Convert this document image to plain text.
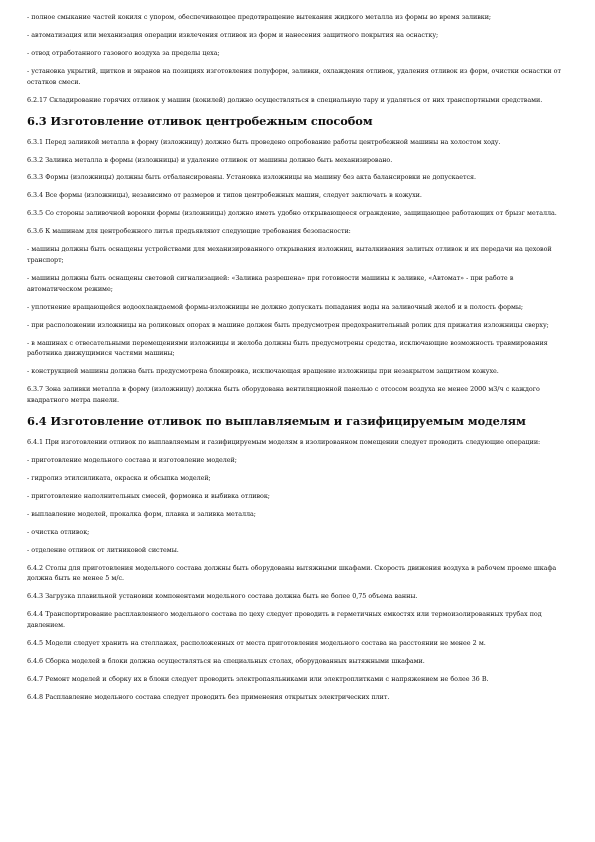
- полное смыкание частей кокиля с упором, обеспечивающее предотвращение вытекания жидкого металла из формы во время заливки;
- автоматизация или механизация операции извлечения отливок из форм и нанесения защитного покрытия на оснастку;
- отвод отработанного газового воздуха за пределы цеха;
- установка укрытий, щитков и экранов на позициях изготовления полуформ, заливки, охлаждения отливок, удаления отливок из форм, очистки оснастки от остатков смеси.
6.2.17 Складирование горячих отливок у машин (кокилей) должно осуществляться в специальную тару и удаляться от них транспортными средствами.
6.3 Изготовление отливок центробежным способом
6.3.1 Перед заливкой металла в форму (изложницу) должно быть проведено опробование работы центробежной машины на холостом ходу.
6.3.2 Заливка металла в формы (изложницы) и удаление отливок от машины должно быть механизировано.
6.3.3 Формы (изложницы) должны быть отбалансированы. Установка изложницы на машину без акта балансировки не допускается.
6.3.4 Все формы (изложницы), независимо от размеров и типов центробежных машин, следует заключать в кожухи.
6.3.5 Со стороны заливочной воронки формы (изложницы) должно иметь удобно открывающееся ограждение, защищающее работающих от брызг металла.
6.3.6 К машинам для центробежного литья предъявляют следующие требования безопасности:
- машины должны быть оснащены устройствами для механизированного открывания изложниц, выталкивания залитых отливок и их передачи на цеховой транспорт;
- машины должны быть оснащены световой сигнализацией: «Заливка разрешена» при готовности машины к заливке, «Автомат» - при работе в автоматическом режиме;
- уплотнение вращающейся водоохлаждаемой формы-изложницы не должно допускать попадания воды на заливочный желоб и в полость формы;
- при расположении изложницы на роликовых опорах в машине должен быть предусмотрен предохранительный ролик для прижатия изложницы сверху;
- в машинах с отвесательными перемещениями изложницы и желоба должны быть предусмотрены средства, исключающие возможность травмирования работника движущимися частями машины;
- конструкцией машины должна быть предусмотрена блокировка, исключающая вращение изложницы при незакрытом защитном кожухе.
6.3.7 Зона заливки металла в форму (изложницу) должна быть оборудована вентиляционной панелью с отсосом воздуха не менее 2000 м3/ч с каждого квадратного метра панели.
6.4 Изготовление отливок по выплавляемым и газифицируемым моделям
6.4.1 При изготовлении отливок по выплавляемым и газифицируемым моделям в изолированном помещении следует проводить следующие операции:
- приготовление модельного состава и изготовление моделей;
- гидролиз этилсиликата, окраска и обсыпка моделей;
- приготовление наполнительных смесей, формовка и выбивка отливок;
- выплавление моделей, прокалка форм, плавка и заливка металла;
- очистка отливок;
- отделение отливок от литниковой системы.
6.4.2 Столы для приготовления модельного состава должны быть оборудованы вытяжными шкафами. Скорость движения воздуха в рабочем проеме шкафа должна быть не менее 5 м/с.
6.4.3 Загрузка плавильной установки компонентами модельного состава должна быть не более 0,75 объема ванны.
6.4.4 Транспортирование расплавленного модельного состава по цеху следует проводить в герметичных емкостях или термоизолированных трубах под давлением.
6.4.5 Модели следует хранить на стеллажах, расположенных от места приготовления модельного состава на расстоянии не менее 2 м.
6.4.6 Сборка моделей в блоки должна осуществляться на специальных столах, оборудованных вытяжными шкафами.
6.4.7 Ремонт моделей и сборку их в блоки следует проводить электропаяльниками или электроплитками с напряжением не более 36 В.
6.4.8 Расплавление модельного состава следует проводить без применения открытых электрических плит.
